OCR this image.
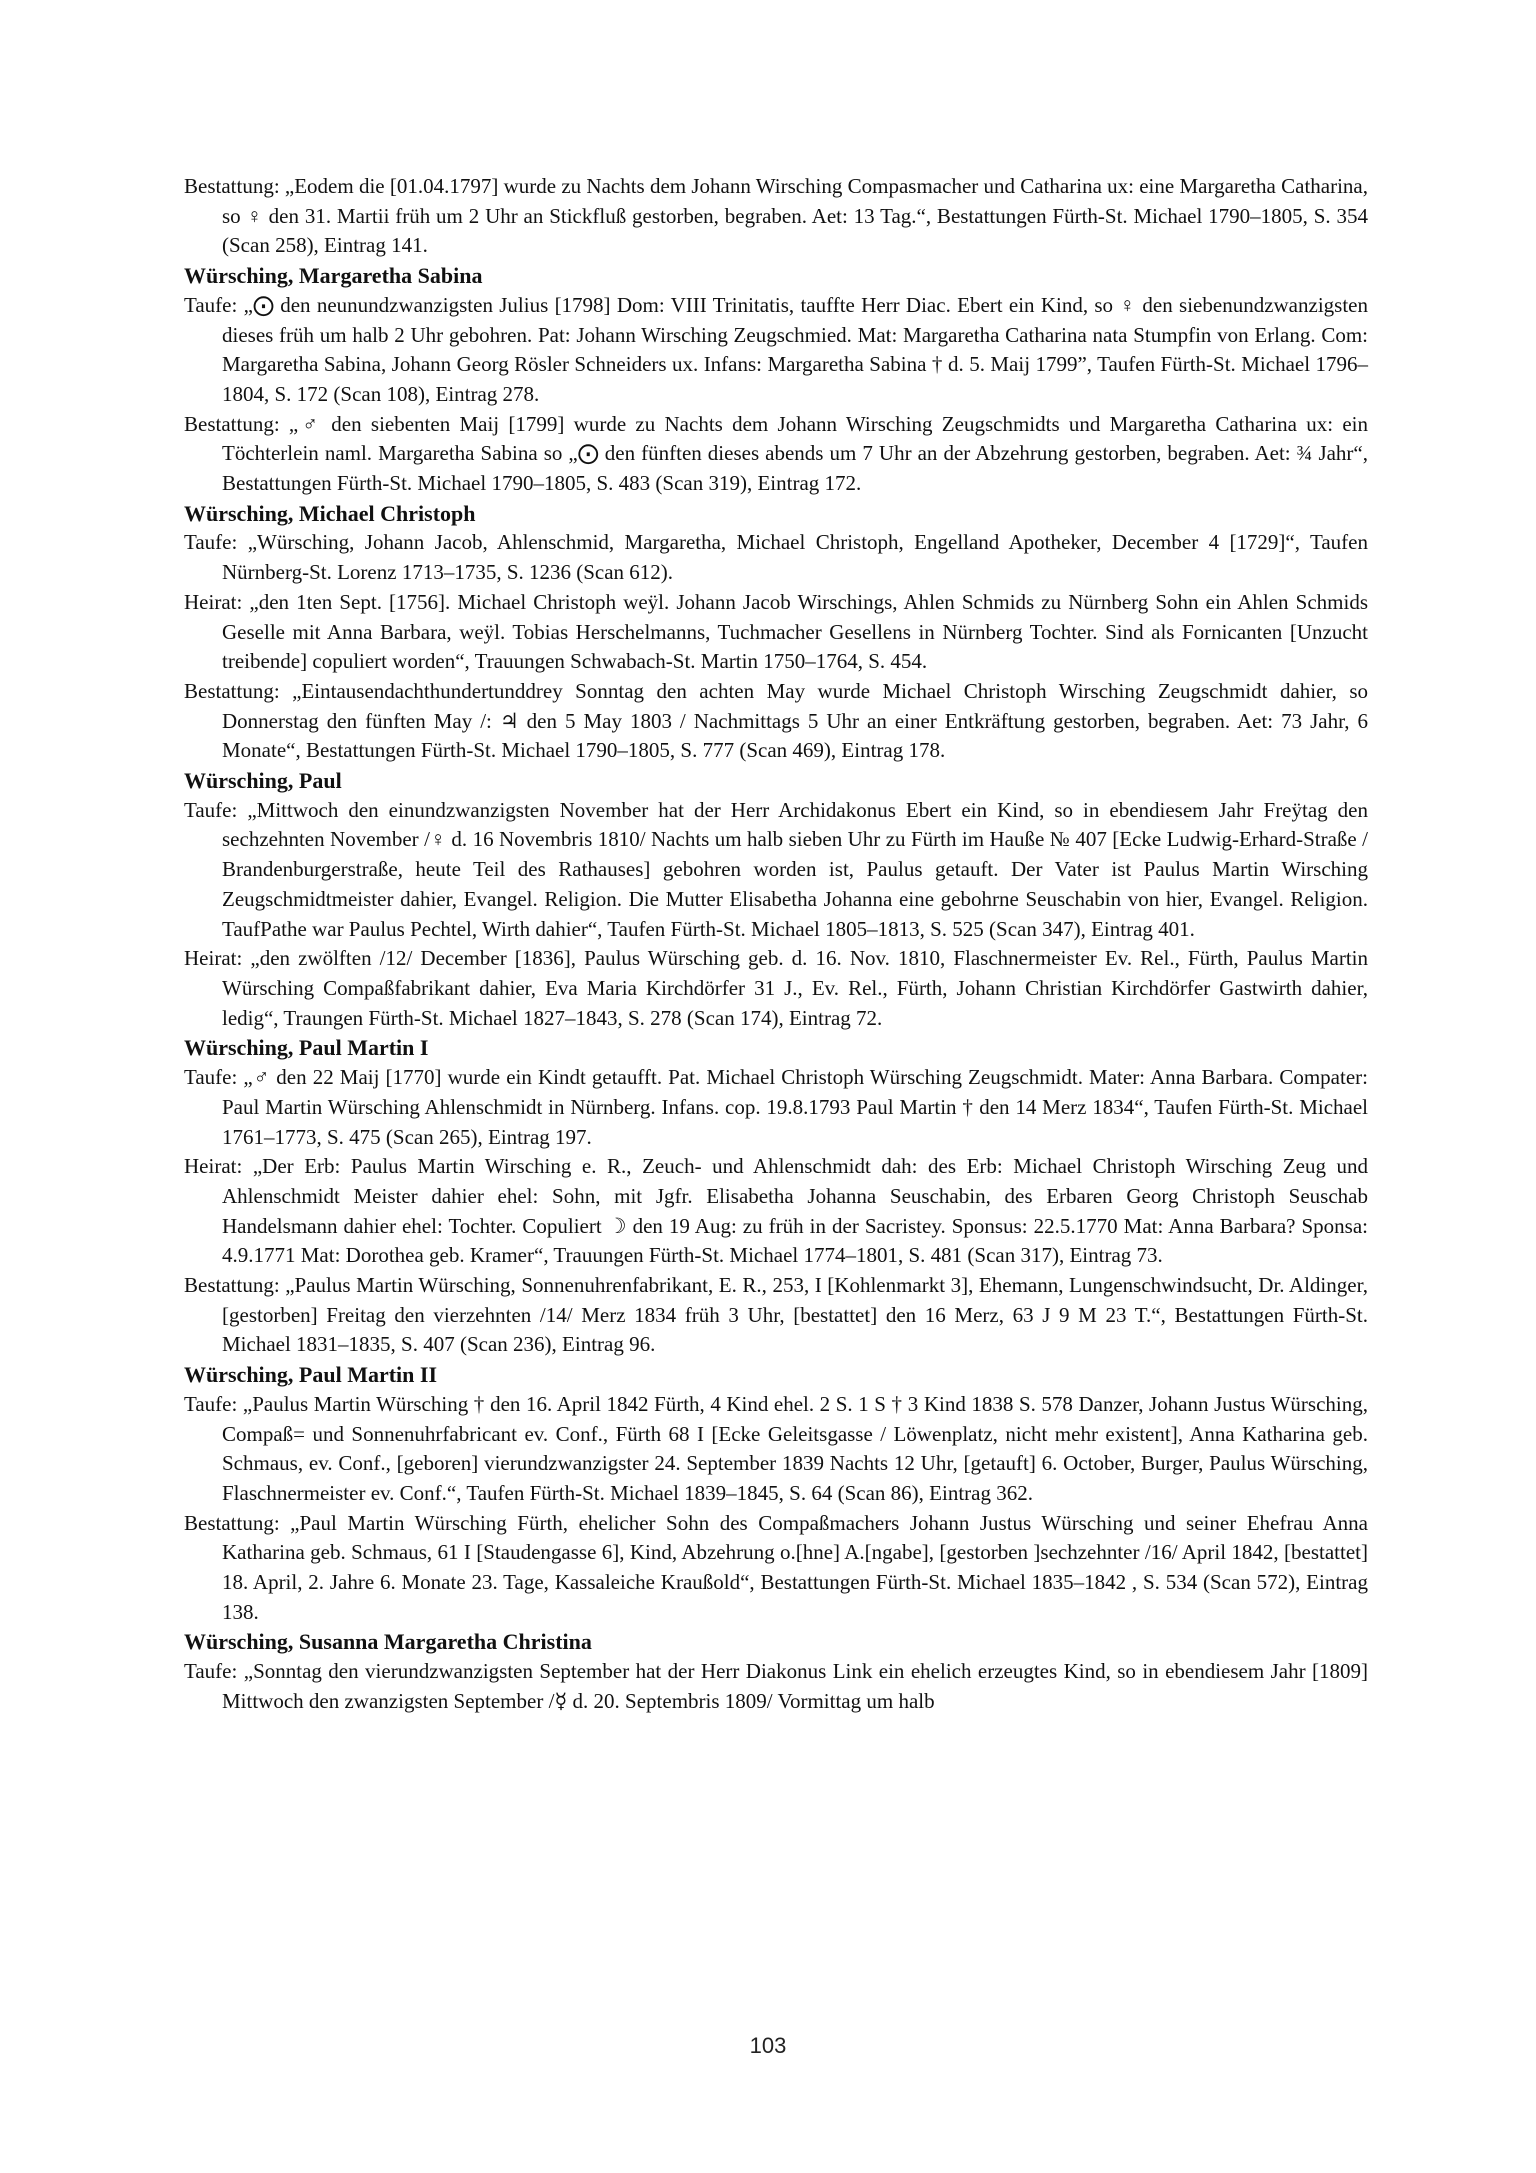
Bestattung: „Eodem die [01.04.1797] wurde zu Nachts dem Johann Wirsching Compasmacher und Catharina ux: eine Margaretha Catharina, so ♀ den 31. Martii früh um 2 Uhr an Stickfluß gestorben, begraben. Aet: 13 Tag.“, Bestattungen Fürth-St. Michael 1790–1805, S. 354 (Scan 258), Eintrag 141.

Würsching, Margaretha Sabina

Taufe: „⨀ den neunundzwanzigsten Julius [1798] Dom: VIII Trinitatis, tauffte Herr Diac. Ebert ein Kind, so ♀ den siebenundzwanzigsten dieses früh um halb 2 Uhr gebohren. Pat: Johann Wirsching Zeugschmied. Mat: Margaretha Catharina nata Stumpfin von Erlang. Com: Margaretha Sabina, Johann Georg Rösler Schneiders ux. Infans: Margaretha Sabina † d. 5. Maij 1799”, Taufen Fürth-St. Michael 1796–1804, S. 172 (Scan 108), Eintrag 278.

Bestattung: „♂ den siebenten Maij [1799] wurde zu Nachts dem Johann Wirsching Zeugschmidts und Margaretha Catharina ux: ein Töchterlein naml. Margaretha Sabina so „⨀ den fünften dieses abends um 7 Uhr an der Abzehrung gestorben, begraben. Aet: ¾ Jahr“, Bestattungen Fürth-St. Michael 1790–1805, S. 483 (Scan 319), Eintrag 172.

Würsching, Michael Christoph

Taufe: „Würsching, Johann Jacob, Ahlenschmid, Margaretha, Michael Christoph, Engelland Apotheker, December 4 [1729]“, Taufen Nürnberg-St. Lorenz 1713–1735, S. 1236 (Scan 612).

Heirat: „den 1ten Sept. [1756]. Michael Christoph weÿl. Johann Jacob Wirschings, Ahlen Schmids zu Nürnberg Sohn ein Ahlen Schmids Geselle mit Anna Barbara, weÿl. Tobias Herschelmanns, Tuchmacher Gesellens in Nürnberg Tochter. Sind als Fornicanten [Unzucht treibende] copuliert worden“, Trauungen Schwabach-St. Martin 1750–1764, S. 454.

Bestattung: „Eintausendachthundertunddrey Sonntag den achten May wurde Michael Christoph Wirsching Zeugschmidt dahier, so Donnerstag den fünften May /: ♃ den 5 May 1803 / Nachmittags 5 Uhr an einer Entkräftung gestorben, begraben. Aet: 73 Jahr, 6 Monate“, Bestattungen Fürth-St. Michael 1790–1805, S. 777 (Scan 469), Eintrag 178.

Würsching, Paul

Taufe: „Mittwoch den einundzwanzigsten November hat der Herr Archidakonus Ebert ein Kind, so in ebendiesem Jahr Freÿtag den sechzehnten November /♀ d. 16 Novembris 1810/ Nachts um halb sieben Uhr zu Fürth im Hauße № 407 [Ecke Ludwig-Erhard-Straße / Brandenburgerstraße, heute Teil des Rathauses] gebohren worden ist, Paulus getauft. Der Vater ist Paulus Martin Wirsching Zeugschmidtmeister dahier, Evangel. Religion. Die Mutter Elisabetha Johanna eine gebohrne Seuschabin von hier, Evangel. Religion. TaufPathe war Paulus Pechtel, Wirth dahier“, Taufen Fürth-St. Michael 1805–1813, S. 525 (Scan 347), Eintrag 401.

Heirat: „den zwölften /12/ December [1836], Paulus Würsching geb. d. 16. Nov. 1810, Flaschnermeister Ev. Rel., Fürth, Paulus Martin Würsching Compaßfabrikant dahier, Eva Maria Kirchdörfer 31 J., Ev. Rel., Fürth, Johann Christian Kirchdörfer Gastwirth dahier, ledig“, Traungen Fürth-St. Michael 1827–1843, S. 278 (Scan 174), Eintrag 72.

Würsching, Paul Martin I

Taufe: „♂ den 22 Maij [1770] wurde ein Kindt getaufft. Pat. Michael Christoph Würsching Zeugschmidt. Mater: Anna Barbara. Compater: Paul Martin Würsching Ahlenschmidt in Nürnberg. Infans. cop. 19.8.1793 Paul Martin † den 14 Merz 1834“, Taufen Fürth-St. Michael 1761–1773, S. 475 (Scan 265), Eintrag 197.

Heirat: „Der Erb: Paulus Martin Wirsching e. R., Zeuch- und Ahlenschmidt dah: des Erb: Michael Christoph Wirsching Zeug und Ahlenschmidt Meister dahier ehel: Sohn, mit Jgfr. Elisabetha Johanna Seuschabin, des Erbaren Georg Christoph Seuschab Handelsmann dahier ehel: Tochter. Copuliert ☽ den 19 Aug: zu früh in der Sacristey. Sponsus: 22.5.1770 Mat: Anna Barbara? Sponsa: 4.9.1771 Mat: Dorothea geb. Kramer“, Trauungen Fürth-St. Michael 1774–1801, S. 481 (Scan 317), Eintrag 73.

Bestattung: „Paulus Martin Würsching, Sonnenuhrenfabrikant, E. R., 253, I [Kohlenmarkt 3], Ehemann, Lungenschwindsucht, Dr. Aldinger, [gestorben] Freitag den vierzehnten /14/ Merz 1834 früh 3 Uhr, [bestattet] den 16 Merz, 63 J 9 M 23 T.“, Bestattungen Fürth-St. Michael 1831–1835, S. 407 (Scan 236), Eintrag 96.

Würsching, Paul Martin II

Taufe: „Paulus Martin Würsching † den 16. April 1842 Fürth, 4 Kind ehel. 2 S. 1 S † 3 Kind 1838 S. 578 Danzer, Johann Justus Würsching, Compaß= und Sonnenuhrfabricant ev. Conf., Fürth 68 I [Ecke Geleitsgasse / Löwenplatz, nicht mehr existent], Anna Katharina geb. Schmaus, ev. Conf., [geboren] vierundzwanzigster 24. September 1839 Nachts 12 Uhr, [getauft] 6. October, Burger, Paulus Würsching, Flaschnermeister ev. Conf.“, Taufen Fürth-St. Michael 1839–1845, S. 64 (Scan 86), Eintrag 362.

Bestattung: „Paul Martin Würsching Fürth, ehelicher Sohn des Compaßmachers Johann Justus Würsching und seiner Ehefrau Anna Katharina geb. Schmaus, 61 I [Staudengasse 6], Kind, Abzehrung o.[hne] A.[ngabe], [gestorben ]sechzehnter /16/ April 1842, [bestattet] 18. April, 2. Jahre 6. Monate 23. Tage, Kassaleiche Kraußold“, Bestattungen Fürth-St. Michael 1835–1842 , S. 534 (Scan 572), Eintrag 138.

Würsching, Susanna Margaretha Christina

Taufe: „Sonntag den vierundzwanzigsten September hat der Herr Diakonus Link ein ehelich erzeugtes Kind, so in ebendiesem Jahr [1809] Mittwoch den zwanzigsten September /☿ d. 20. Septembris 1809/ Vormittag um halb

103
